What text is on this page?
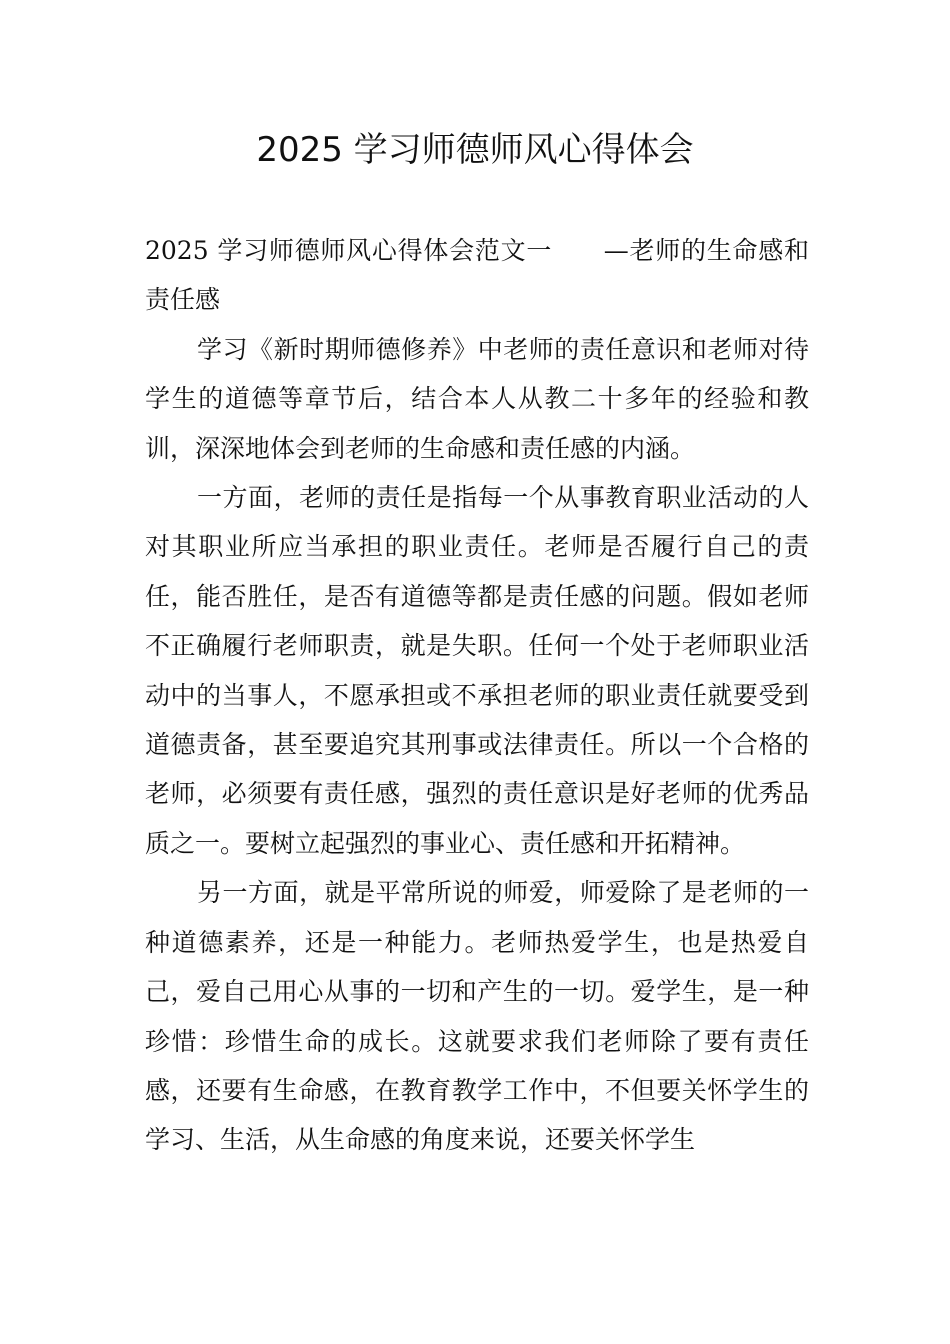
2025 学习师德师风心得体会

2025 学习师德师风心得体会范文一　　—老师的生命感和责任感

学习《新时期师德修养》中老师的责任意识和老师对待学生的道德等章节后，结合本人从教二十多年的经验和教训，深深地体会到老师的生命感和责任感的内涵。

一方面，老师的责任是指每一个从事教育职业活动的人对其职业所应当承担的职业责任。老师是否履行自己的责任，能否胜任，是否有道德等都是责任感的问题。假如老师不正确履行老师职责，就是失职。任何一个处于老师职业活动中的当事人，不愿承担或不承担老师的职业责任就要受到道德责备，甚至要追究其刑事或法律责任。所以一个合格的老师，必须要有责任感，强烈的责任意识是好老师的优秀品质之一。要树立起强烈的事业心、责任感和开拓精神。

另一方面，就是平常所说的师爱，师爱除了是老师的一种道德素养，还是一种能力。老师热爱学生，也是热爱自己，爱自己用心从事的一切和产生的一切。爱学生，是一种珍惜：珍惜生命的成长。这就要求我们老师除了要有责任感，还要有生命感，在教育教学工作中，不但要关怀学生的学习、生活，从生命感的角度来说，还要关怀学生
